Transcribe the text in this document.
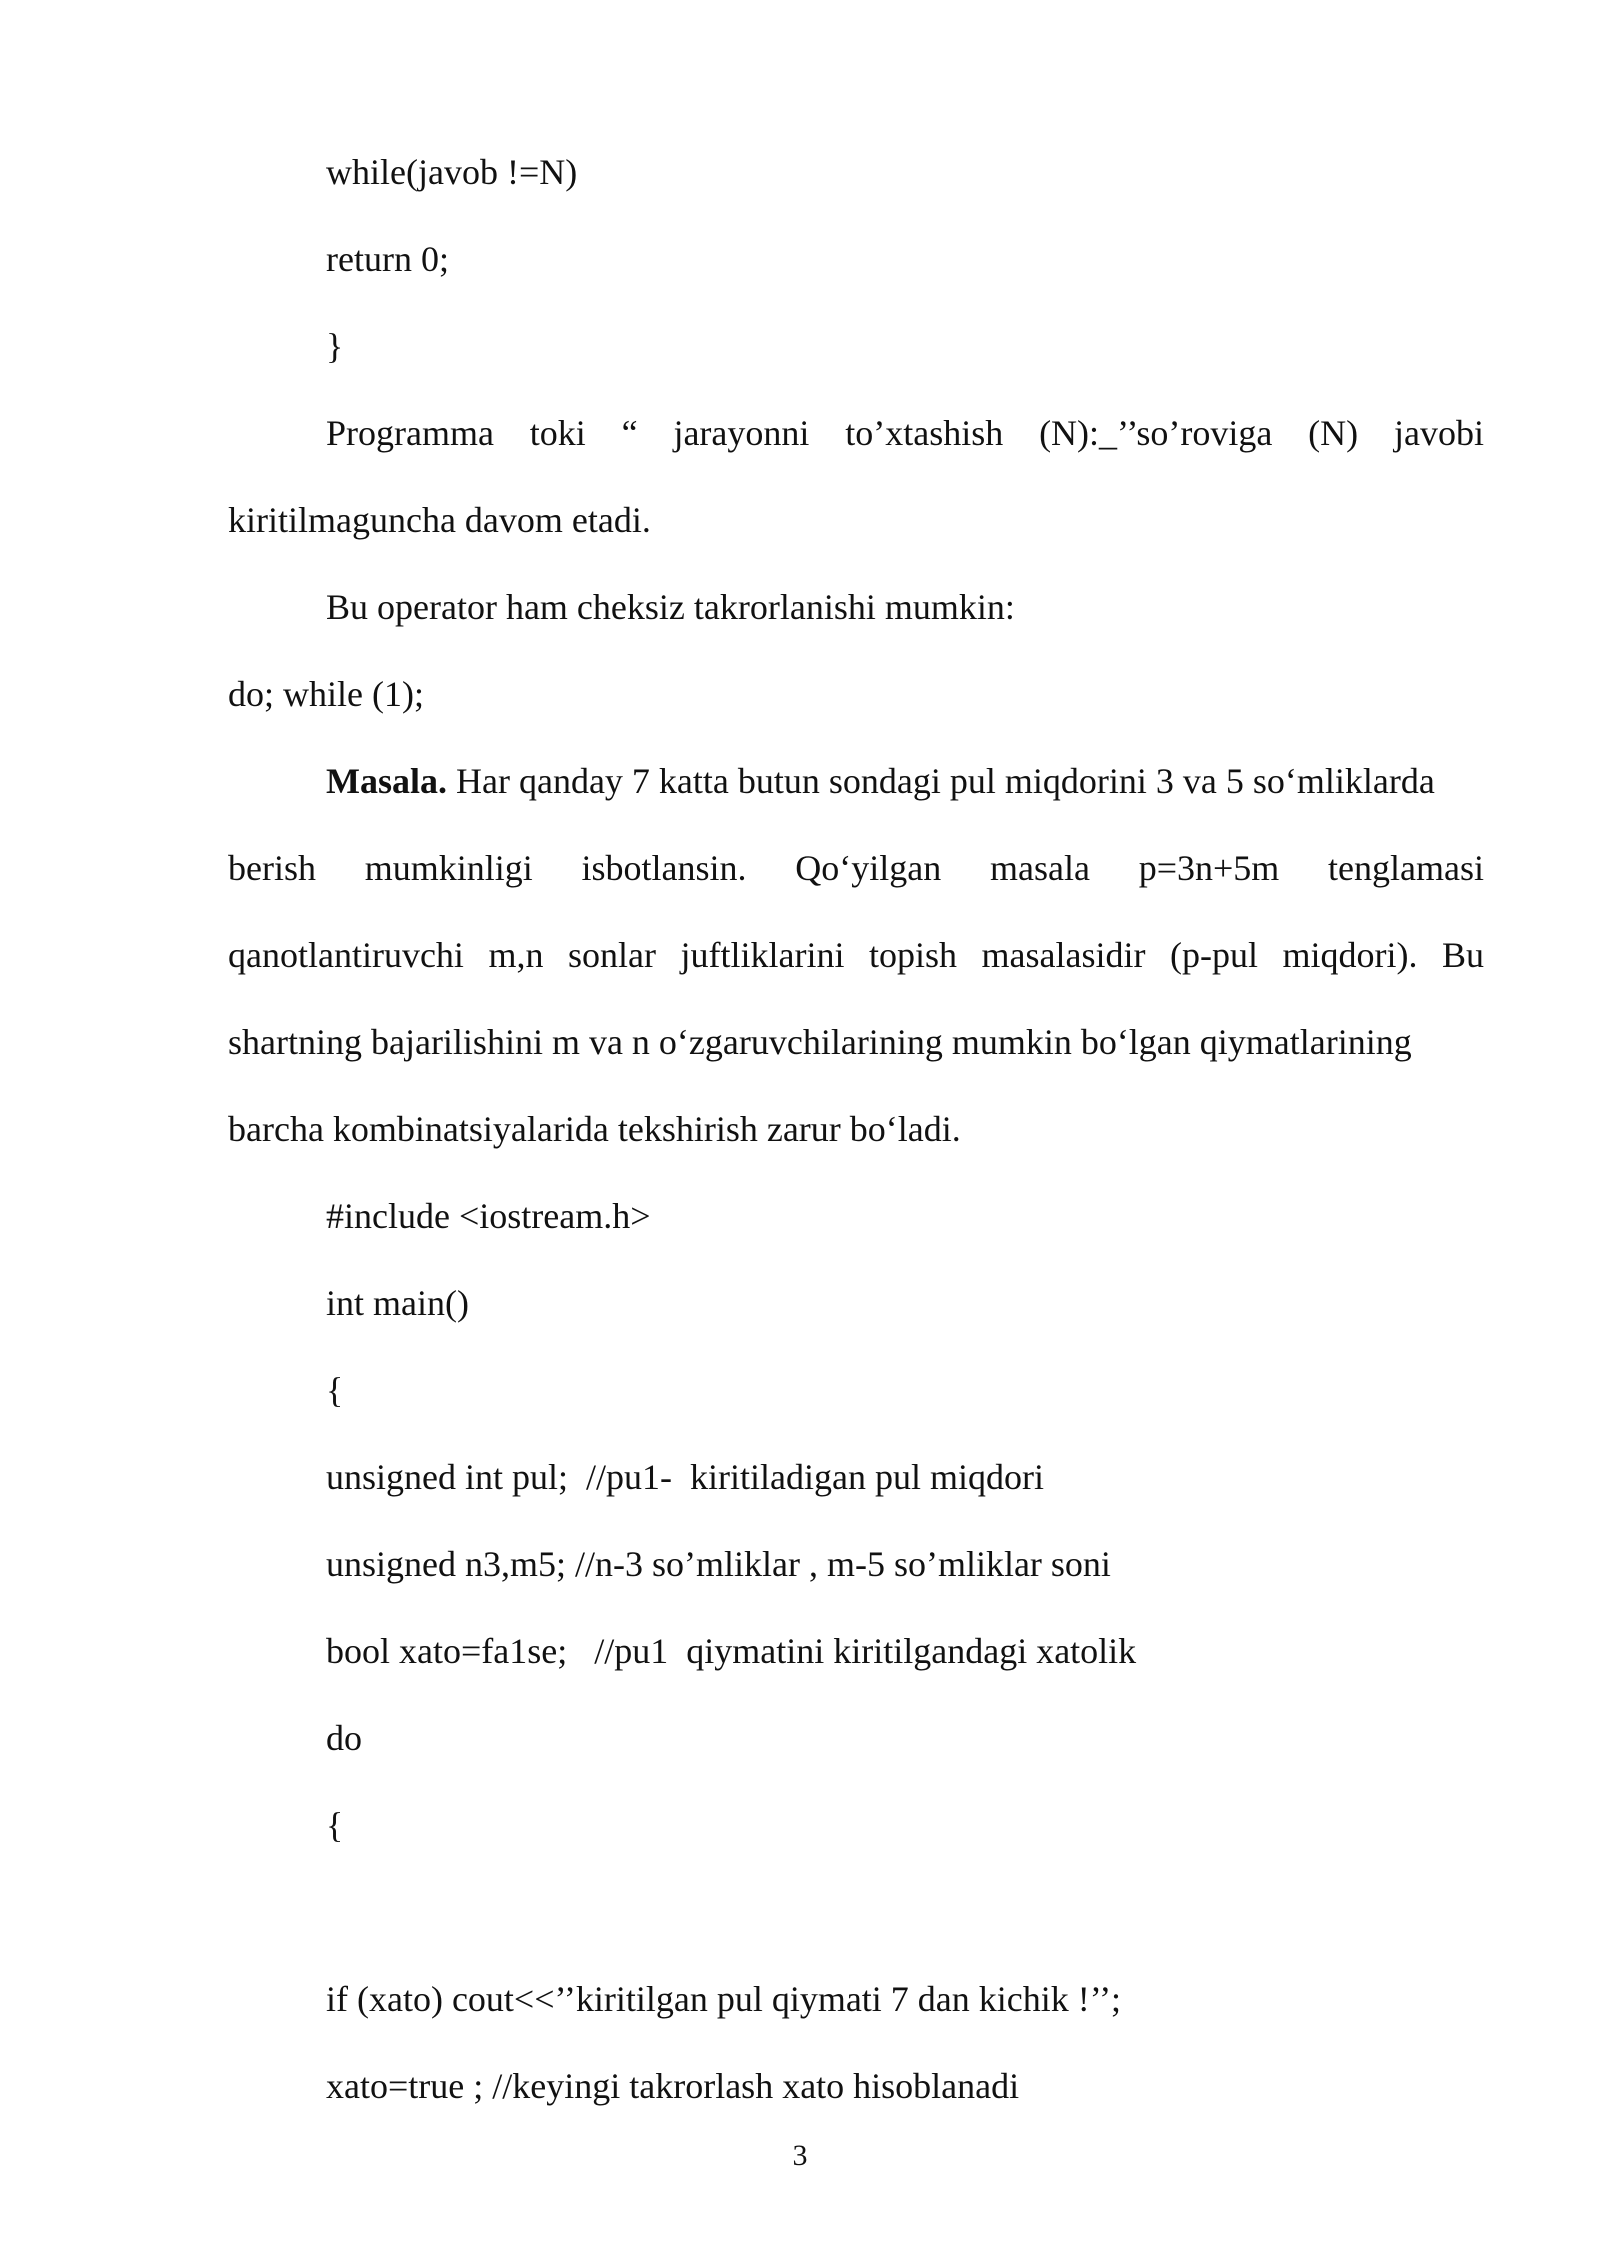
while(javob !=N)
return 0;
}
Programma toki “ jarayonni to’xtashish (N):_’’so’roviga (N) javobi
kiritilmaguncha davom etadi.
Bu operator ham cheksiz takrorlanishi mumkin:
do; while (1);
Masala. Har qanday 7 katta butun sondagi pul miqdorini 3 va 5 so‘mliklarda
berish mumkinligi isbotlansin. Qo‘yilgan masala p=3n+5m tenglamasi
qanotlantiruvchi m,n sonlar juftliklarini topish masalasidir (p-pul miqdori). Bu
shartning bajarilishini m va n o‘zgaruvchilarining mumkin bo‘lgan qiymatlarining
barcha kombinatsiyalarida tekshirish zarur bo‘ladi.
#include <iostream.h>
int main()
{
unsigned int pul;  //pu1-  kiritiladigan pul miqdori
unsigned n3,m5; //n-3 so’mliklar , m-5 so’mliklar soni
bool xato=fa1se;   //pu1  qiymatini kiritilgandagi xatolik
do
{
if (xato) cout<<’’kiritilgan pul qiymati 7 dan kichik !’’;
xato=true ; //keyingi takrorlash xato hisoblanadi
3
